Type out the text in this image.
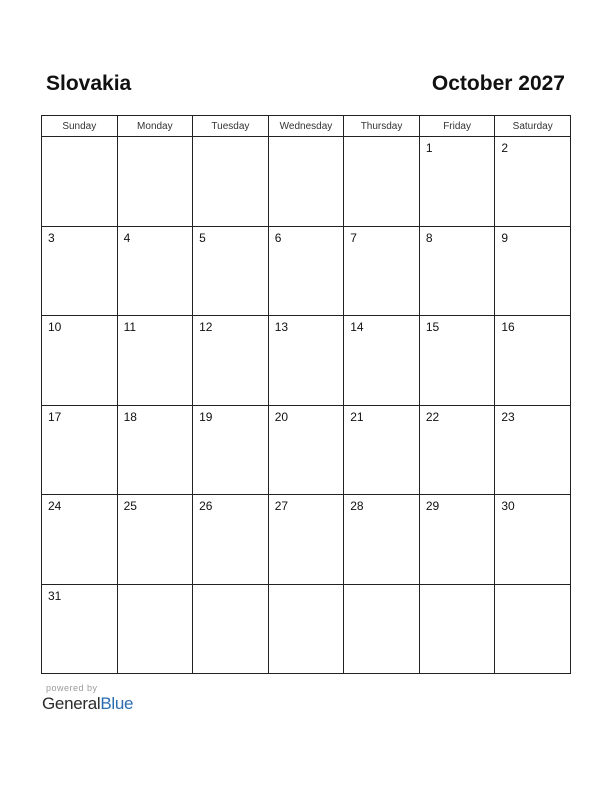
Slovakia	October 2027
Sunday	Monday	Tuesday	Wednesday	Thursday	Friday	Saturday

					1	2

3	4	5	6	7	8	9

10	11	12	13	14	15	16

17	18	19	20	21	22	23

24	25	26	27	28	29	30

31						

powered by
GeneralBlue
